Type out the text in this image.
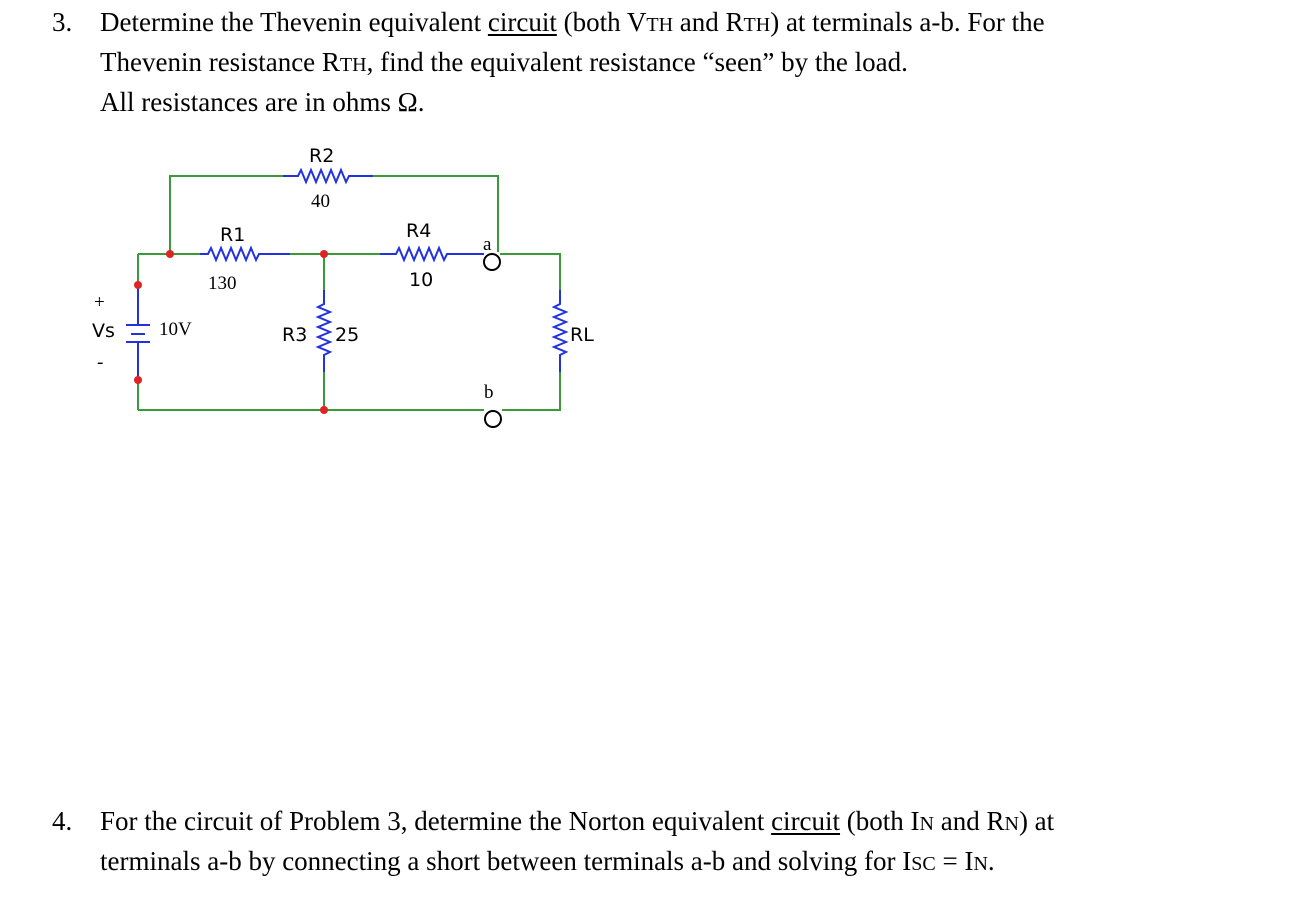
3. Determine the Thevenin equivalent circuit (both VTH and RTH) at terminals a-b. For the
Thevenin resistance RTH, find the equivalent resistance “seen” by the load.
All resistances are in ohms Ω.
R2
40
R1
130
R4
10
R3 25	RL
Vs 10V
+
-
a
b
4. For the circuit of Problem 3, determine the Norton equivalent circuit (both IN and RN) at
terminals a-b by connecting a short between terminals a-b and solving for ISC = IN.
